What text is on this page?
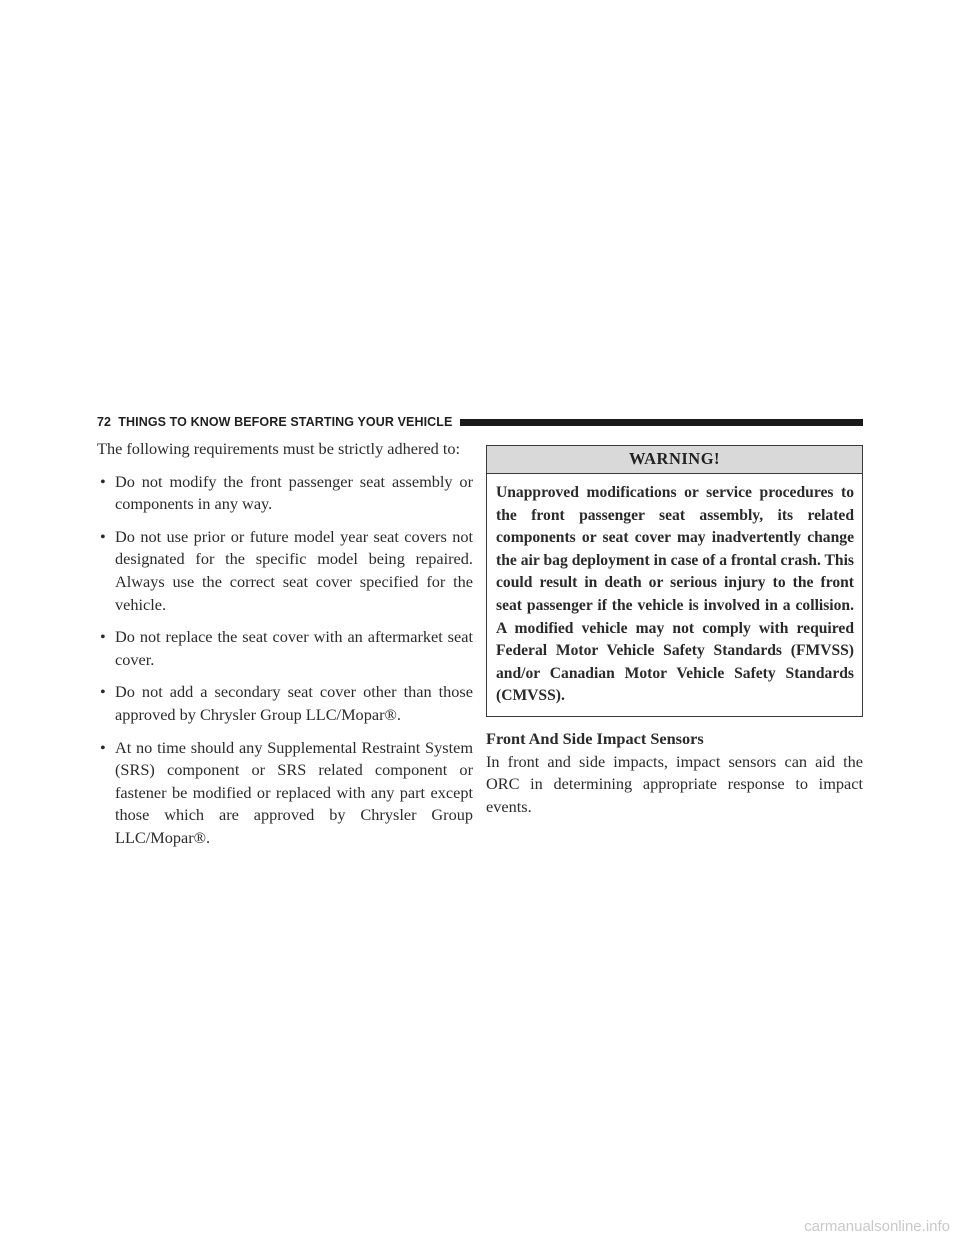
72 THINGS TO KNOW BEFORE STARTING YOUR VEHICLE

The following requirements must be strictly adhered to:

• Do not modify the front passenger seat assembly or components in any way.
• Do not use prior or future model year seat covers not designated for the specific model being repaired. Always use the correct seat cover specified for the vehicle.
• Do not replace the seat cover with an aftermarket seat cover.
• Do not add a secondary seat cover other than those approved by Chrysler Group LLC/Mopar®.
• At no time should any Supplemental Restraint System (SRS) component or SRS related component or fastener be modified or replaced with any part except those which are approved by Chrysler Group LLC/Mopar®.
WARNING!
Unapproved modifications or service procedures to the front passenger seat assembly, its related components or seat cover may inadvertently change the air bag deployment in case of a frontal crash. This could result in death or serious injury to the front seat passenger if the vehicle is involved in a collision. A modified vehicle may not comply with required Federal Motor Vehicle Safety Standards (FMVSS) and/or Canadian Motor Vehicle Safety Standards (CMVSS).
Front And Side Impact Sensors

In front and side impacts, impact sensors can aid the ORC in determining appropriate response to impact events.

carmanualsonline.info
